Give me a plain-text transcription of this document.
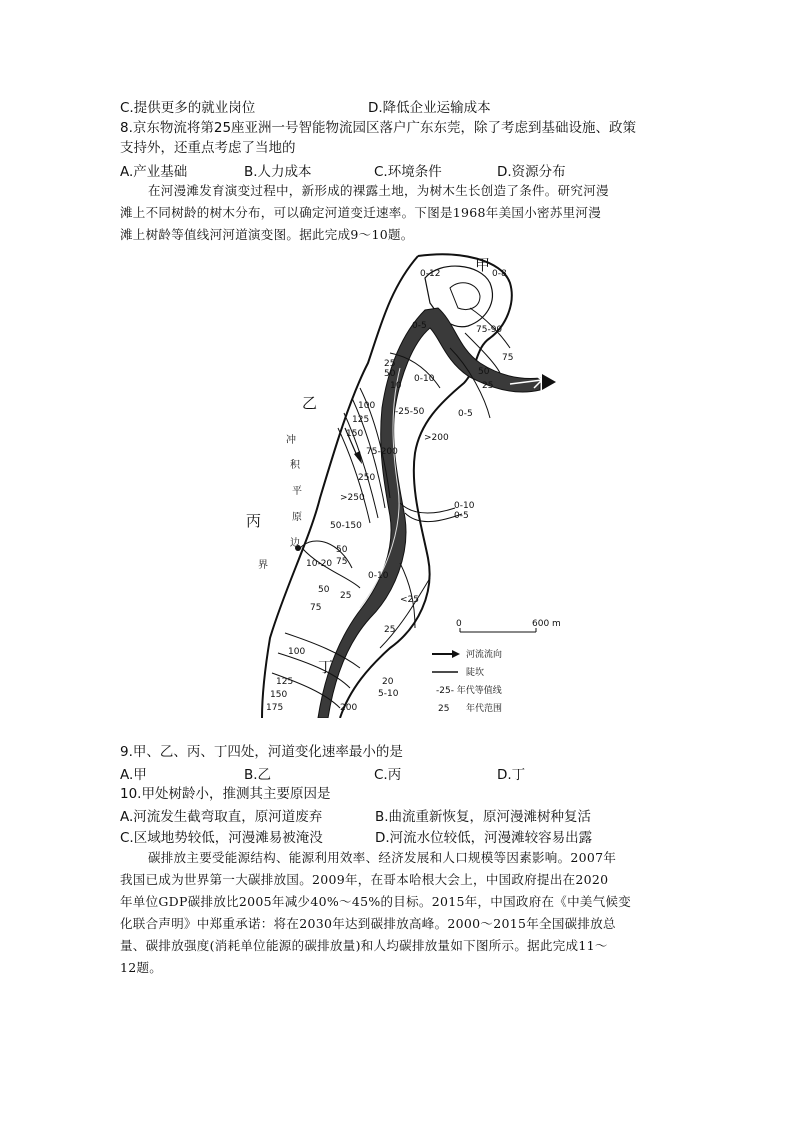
C.提供更多的就业岗位	D.降低企业运输成本
8.京东物流将第25座亚洲一号智能物流园区落户广东东莞，除了考虑到基础设施、政策
支持外，还重点考虑了当地的
A.产业基础	B.人力成本	C.环境条件	D.资源分布
在河漫滩发育演变过程中，新形成的裸露土地，为树木生长创造了条件。研究河漫
滩上不同树龄的树木分布，可以确定河道变迁速率。下图是1968年美国小密苏里河漫
滩上树龄等值线河河道演变图。据此完成9～10题。
甲
乙
丙
丁
冲
积
平
原
边
界
0-12	0-8
0-5	75-90
75
50
25
0-10
25
50
10
-25-50	0-5
>200
100
125
150
75-200
250
>250
0-10
0-5
50-150
50
75
10-20
0-10
25	<25
50
75
25
100
125
150
175
20
5-10
200
0	600 m
河流流向
陡坎
-25- 年代等值线
25 年代范围
9.甲、乙、丙、丁四处，河道变化速率最小的是
A.甲	B.乙	C.丙	D.丁
10.甲处树龄小，推测其主要原因是
A.河流发生截弯取直，原河道废弃	B.曲流重新恢复，原河漫滩树种复活
C.区域地势较低，河漫滩易被淹没	D.河流水位较低，河漫滩较容易出露
碳排放主要受能源结构、能源利用效率、经济发展和人口规模等因素影响。2007年
我国已成为世界第一大碳排放国。2009年，在哥本哈根大会上，中国政府提出在2020
年单位GDP碳排放比2005年减少40%～45%的目标。2015年，中国政府在《中美气候变
化联合声明》中郑重承诺：将在2030年达到碳排放高峰。2000～2015年全国碳排放总
量、碳排放强度(消耗单位能源的碳排放量)和人均碳排放量如下图所示。据此完成11～
12题。
